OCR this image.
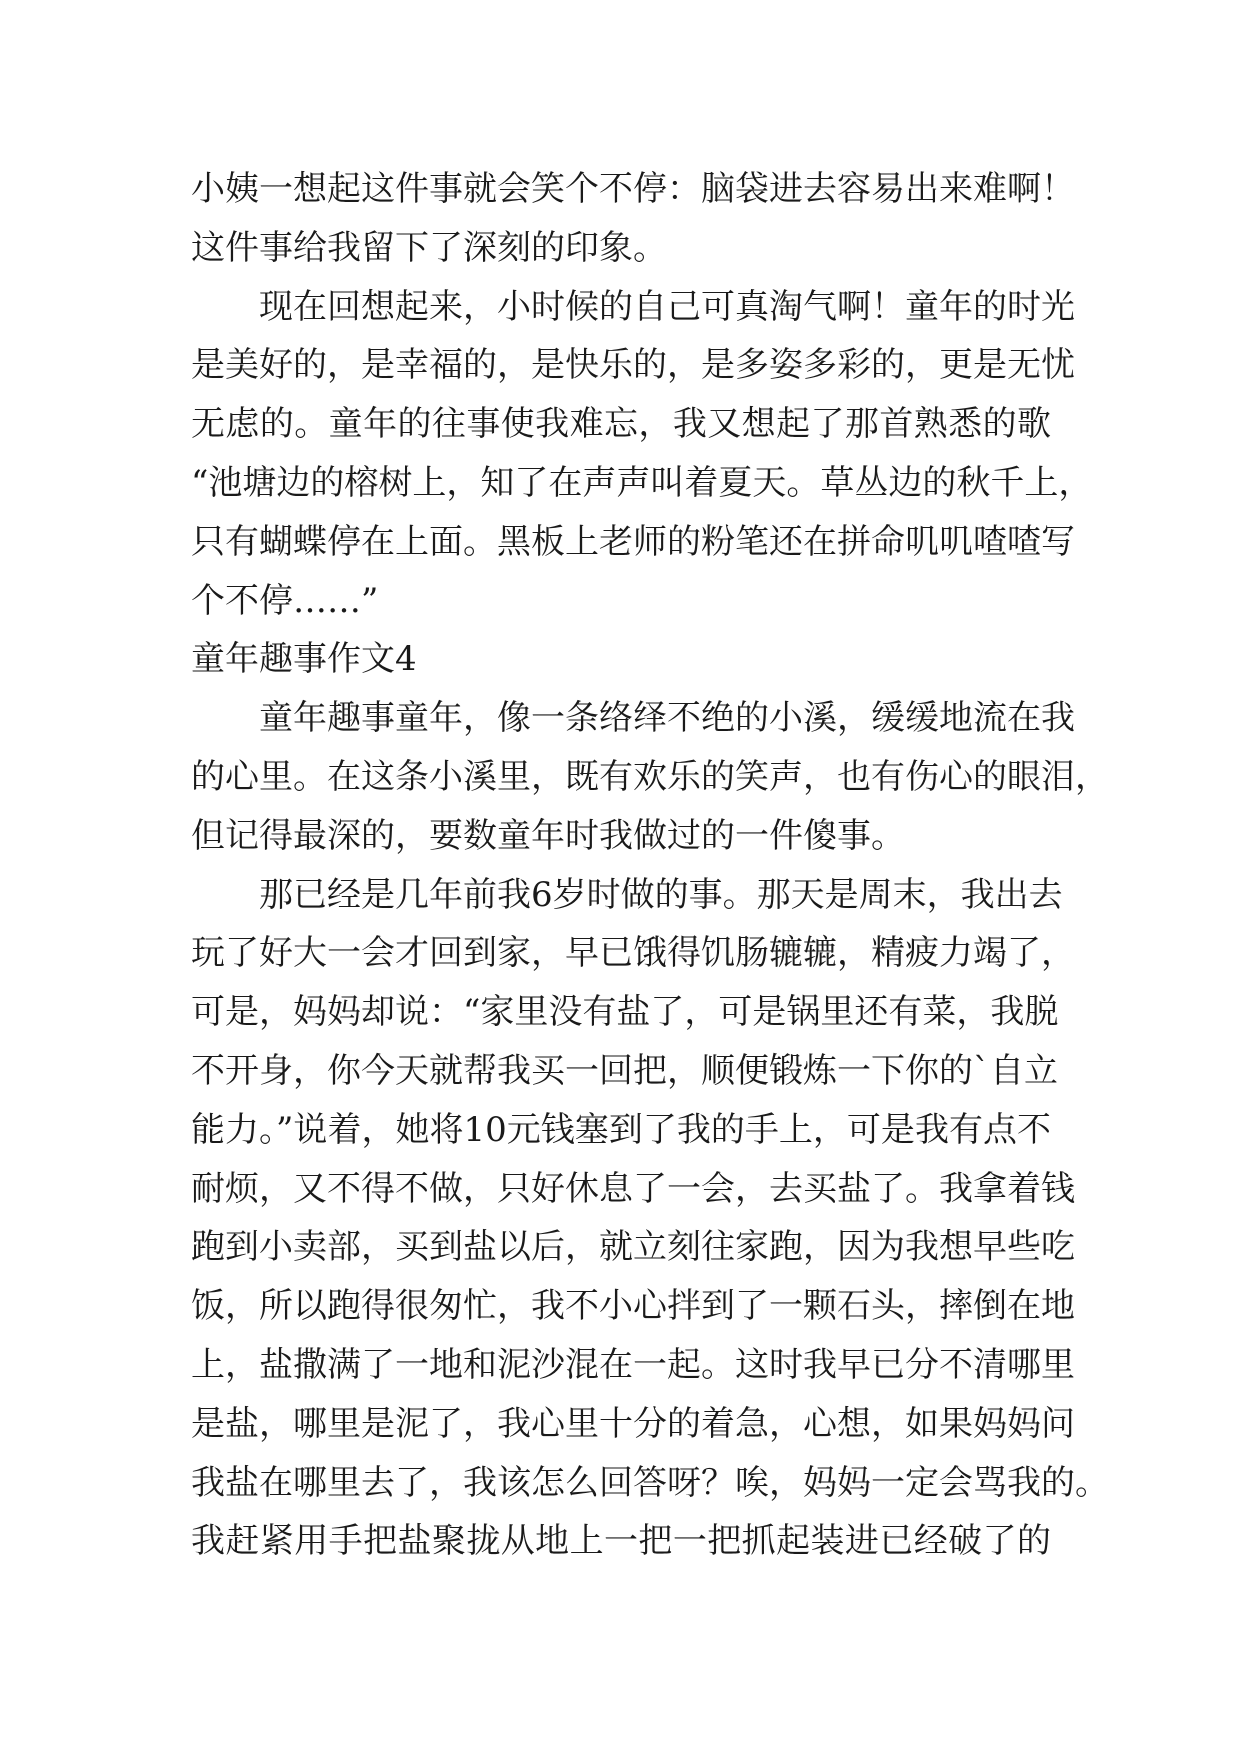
小姨一想起这件事就会笑个不停：脑袋进去容易出来难啊！
这件事给我留下了深刻的印象。
现在回想起来，小时候的自己可真淘气啊！童年的时光
是美好的，是幸福的，是快乐的，是多姿多彩的，更是无忧
无虑的。童年的往事使我难忘，我又想起了那首熟悉的歌
“池塘边的榕树上，知了在声声叫着夏天。草丛边的秋千上，
只有蝴蝶停在上面。黑板上老师的粉笔还在拼命叽叽喳喳写
个不停……”
童年趣事作文4
童年趣事童年，像一条络绎不绝的小溪，缓缓地流在我
的心里。在这条小溪里，既有欢乐的笑声，也有伤心的眼泪，
但记得最深的，要数童年时我做过的一件傻事。
那已经是几年前我6岁时做的事。那天是周末，我出去
玩了好大一会才回到家，早已饿得饥肠辘辘，精疲力竭了，
可是，妈妈却说：“家里没有盐了，可是锅里还有菜，我脱
不开身，你今天就帮我买一回把，顺便锻炼一下你的`自立
能力。”说着，她将10元钱塞到了我的手上，可是我有点不
耐烦，又不得不做，只好休息了一会，去买盐了。我拿着钱
跑到小卖部，买到盐以后，就立刻往家跑，因为我想早些吃
饭，所以跑得很匆忙，我不小心拌到了一颗石头，摔倒在地
上，盐撒满了一地和泥沙混在一起。这时我早已分不清哪里
是盐，哪里是泥了，我心里十分的着急，心想，如果妈妈问
我盐在哪里去了，我该怎么回答呀？唉，妈妈一定会骂我的。
我赶紧用手把盐聚拢从地上一把一把抓起装进已经破了的
